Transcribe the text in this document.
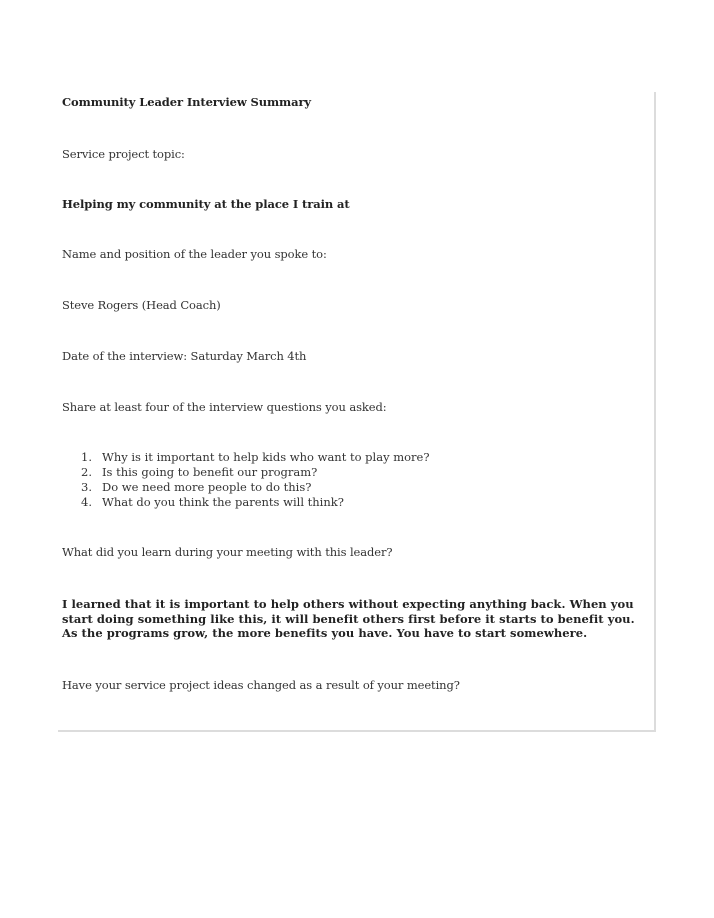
Community Leader Interview Summary
Service project topic:
Helping my community at the place I train at
Name and position of the leader you spoke to:
Steve Rogers (Head Coach)
Date of the interview: Saturday March 4th
Share at least four of the interview questions you asked:
1. Why is it important to help kids who want to play more?
2. Is this going to benefit our program?
3. Do we need more people to do this?
4. What do you think the parents will think?
What did you learn during your meeting with this leader?
I learned that it is important to help others without expecting anything back. When you start doing something like this, it will benefit others first before it starts to benefit you. As the programs grow, the more benefits you have. You have to start somewhere.
Have your service project ideas changed as a result of your meeting?
